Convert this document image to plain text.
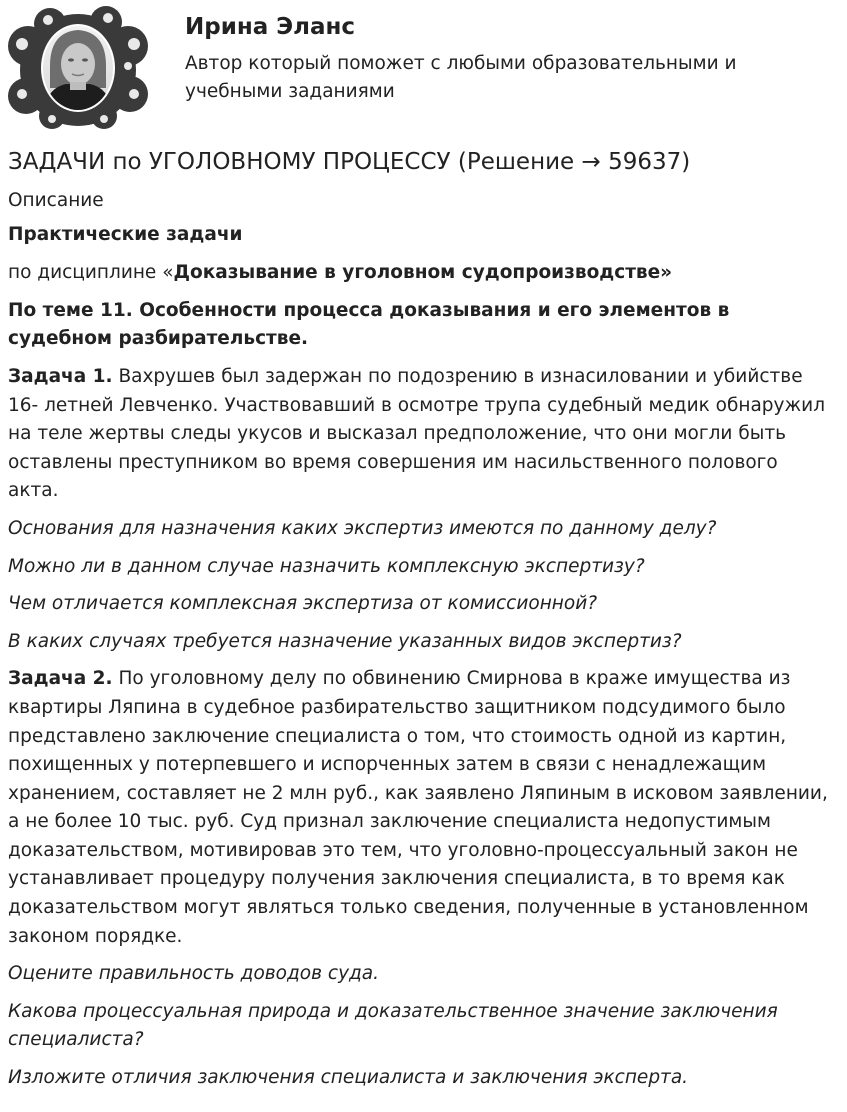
Ирина Эланс

Автор который поможет с любыми образовательными и учебными заданиями

ЗАДАЧИ по УГОЛОВНОМУ ПРОЦЕССУ (Решение → 59637)

Описание

Практические задачи

по дисциплине «Доказывание в уголовном судопроизводстве»

По теме 11. Особенности процесса доказывания и его элементов в судебном разбирательстве.

Задача 1. Вахрушев был задержан по подозрению в изнасиловании и убийстве 16- летней Левченко. Участвовавший в осмотре трупа судебный медик обнаружил на теле жертвы следы укусов и высказал предположение, что они могли быть оставлены преступником во время совершения им насильственного полового акта.

Основания для назначения каких экспертиз имеются по данному делу?

Можно ли в данном случае назначить комплексную экспертизу?

Чем отличается комплексная экспертиза от комиссионной?

В каких случаях требуется назначение указанных видов экспертиз?

Задача 2. По уголовному делу по обвинению Смирнова в краже имущества из квартиры Ляпина в судебное разбирательство защитником подсудимого было представлено заключение специалиста о том, что стоимость одной из картин, похищенных у потерпевшего и испорченных затем в связи с ненадлежащим хранением, составляет не 2 млн руб., как заявлено Ляпиным в исковом заявлении, а не более 10 тыс. руб. Суд признал заключение специалиста недопустимым доказательством, мотивировав это тем, что уголовно-процессуальный закон не устанавливает процедуру получения заключения специалиста, в то время как доказательством могут являться только сведения, полученные в установленном законом порядке.

Оцените правильность доводов суда.

Какова процессуальная природа и доказательственное значение заключения специалиста?

Изложите отличия заключения специалиста и заключения эксперта.
